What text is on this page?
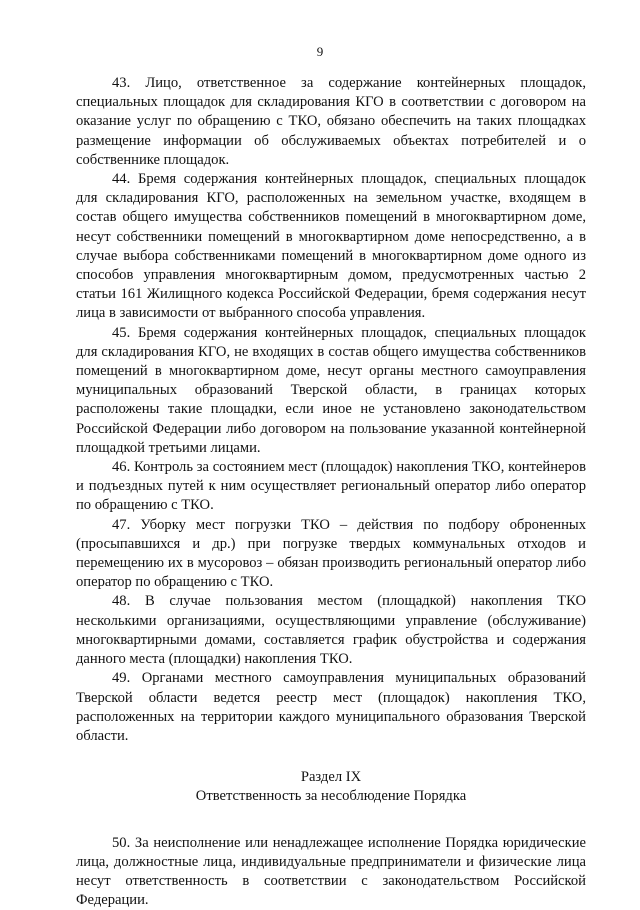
9

43. Лицо, ответственное за содержание контейнерных площадок, специальных площадок для складирования КГО в соответствии с договором на оказание услуг по обращению с ТКО, обязано обеспечить на таких площадках размещение информации об обслуживаемых объектах потребителей и о собственнике площадок.

44. Бремя содержания контейнерных площадок, специальных площадок для складирования КГО, расположенных на земельном участке, входящем в состав общего имущества собственников помещений в многоквартирном доме, несут собственники помещений в многоквартирном доме непосредственно, а в случае выбора собственниками помещений в многоквартирном доме одного из способов управления многоквартирным домом, предусмотренных частью 2 статьи 161 Жилищного кодекса Российской Федерации, бремя содержания несут лица в зависимости от выбранного способа управления.

45. Бремя содержания контейнерных площадок, специальных площадок для складирования КГО, не входящих в состав общего имущества собственников помещений в многоквартирном доме, несут органы местного самоуправления муниципальных образований Тверской области, в границах которых расположены такие площадки, если иное не установлено законодательством Российской Федерации либо договором на пользование указанной контейнерной площадкой третьими лицами.

46. Контроль за состоянием мест (площадок) накопления ТКО, контейнеров и подъездных путей к ним осуществляет региональный оператор либо оператор по обращению с ТКО.

47. Уборку мест погрузки ТКО – действия по подбору оброненных (просыпавшихся и др.) при погрузке твердых коммунальных отходов и перемещению их в мусоровоз – обязан производить региональный оператор либо оператор по обращению с ТКО.

48. В случае пользования местом (площадкой) накопления ТКО несколькими организациями, осуществляющими управление (обслуживание) многоквартирными домами, составляется график обустройства и содержания данного места (площадки) накопления ТКО.

49. Органами местного самоуправления муниципальных образований Тверской области ведется реестр мест (площадок) накопления ТКО, расположенных на территории каждого муниципального образования Тверской области.

Раздел IX

Ответственность за несоблюдение Порядка

50. За неисполнение или ненадлежащее исполнение Порядка юридические лица, должностные лица, индивидуальные предприниматели и физические лица несут ответственность в соответствии с законодательством Российской Федерации.
